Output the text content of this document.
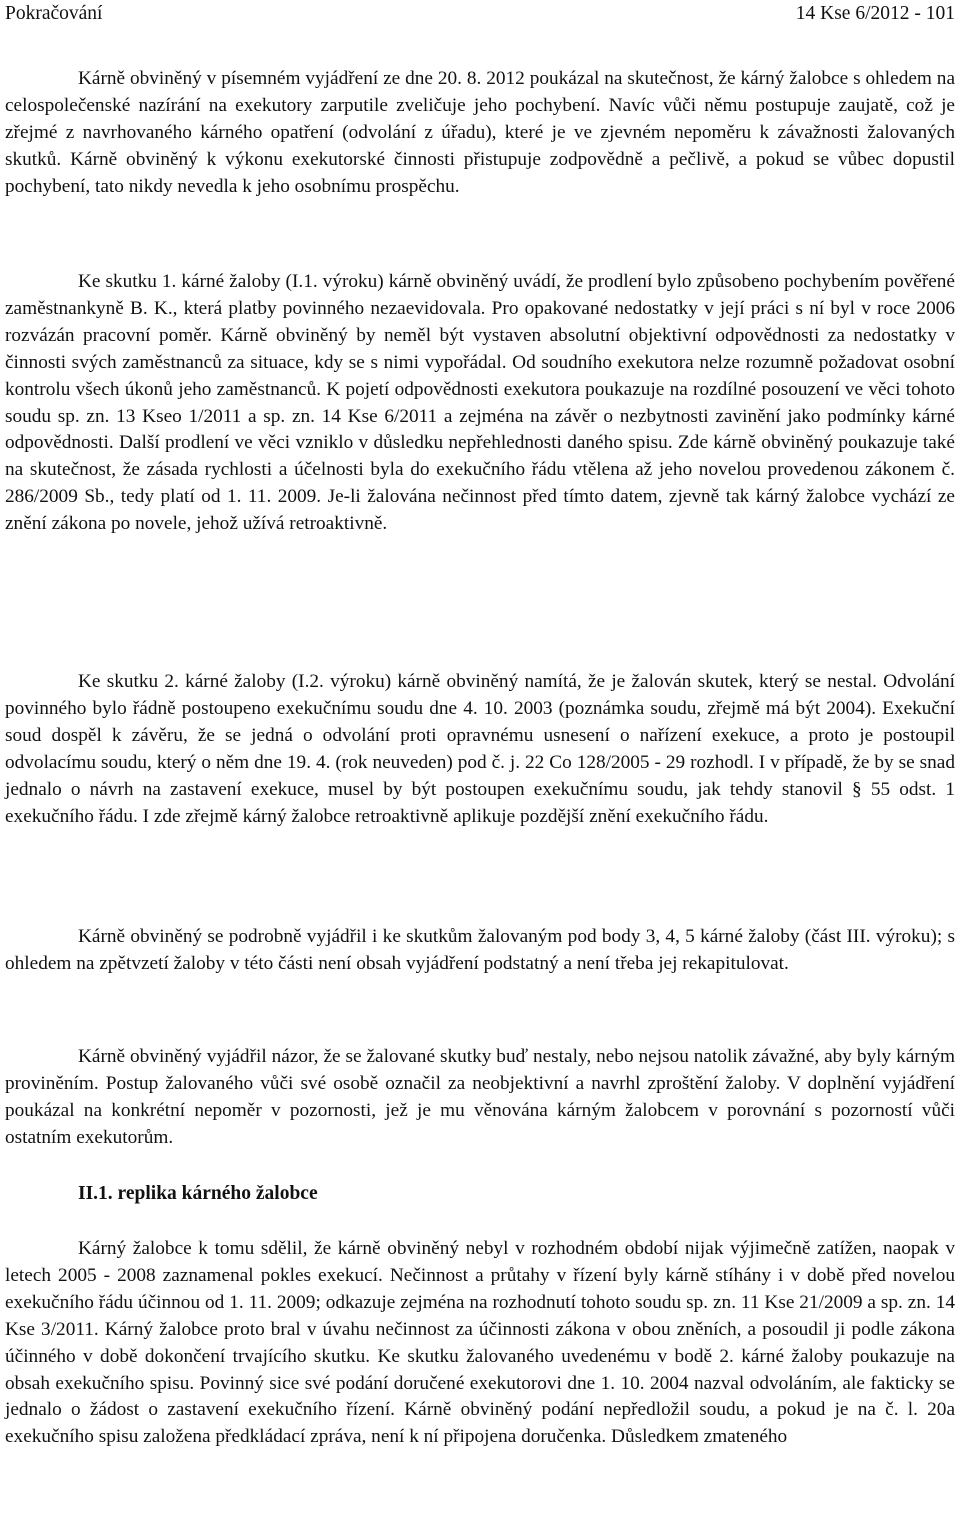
Pokračování	14 Kse 6/2012 - 101

Kárně obviněný v písemném vyjádření ze dne 20. 8. 2012 poukázal na skutečnost, že kárný žalobce s ohledem na celospolečenské nazírání na exekutory zarputile zveličuje jeho pochybení. Navíc vůči němu postupuje zaujatě, což je zřejmé z navrhovaného kárného opatření (odvolání z úřadu), které je ve zjevném nepoměru k závažnosti žalovaných skutků. Kárně obviněný k výkonu exekutorské činnosti přistupuje zodpovědně a pečlivě, a pokud se vůbec dopustil pochybení, tato nikdy nevedla k jeho osobnímu prospěchu.

Ke skutku 1. kárné žaloby (I.1. výroku) kárně obviněný uvádí, že prodlení bylo způsobeno pochybením pověřené zaměstnankyně B. K., která platby povinného nezaevidovala. Pro opakované nedostatky v její práci s ní byl v roce 2006 rozvázán pracovní poměr. Kárně obviněný by neměl být vystaven absolutní objektivní odpovědnosti za nedostatky v činnosti svých zaměstnanců za situace, kdy se s nimi vypořádal. Od soudního exekutora nelze rozumně požadovat osobní kontrolu všech úkonů jeho zaměstnanců. K pojetí odpovědnosti exekutora poukazuje na rozdílné posouzení ve věci tohoto soudu sp. zn. 13 Kseo 1/2011 a sp. zn. 14 Kse 6/2011 a zejména na závěr o nezbytnosti zavinění jako podmínky kárné odpovědnosti. Další prodlení ve věci vzniklo v důsledku nepřehlednosti daného spisu. Zde kárně obviněný poukazuje také na skutečnost, že zásada rychlosti a účelnosti byla do exekučního řádu vtělena až jeho novelou provedenou zákonem č. 286/2009 Sb., tedy platí od 1. 11. 2009. Je-li žalována nečinnost před tímto datem, zjevně tak kárný žalobce vychází ze znění zákona po novele, jehož užívá retroaktivně.

Ke skutku 2. kárné žaloby (I.2. výroku) kárně obviněný namítá, že je žalován skutek, který se nestal. Odvolání povinného bylo řádně postoupeno exekučnímu soudu dne 4. 10. 2003 (poznámka soudu, zřejmě má být 2004). Exekuční soud dospěl k závěru, že se jedná o odvolání proti opravnému usnesení o nařízení exekuce, a proto je postoupil odvolacímu soudu, který o něm dne 19. 4. (rok neuveden) pod č. j. 22 Co 128/2005 - 29 rozhodl. I v případě, že by se snad jednalo o návrh na zastavení exekuce, musel by být postoupen exekučnímu soudu, jak tehdy stanovil § 55 odst. 1 exekučního řádu. I zde zřejmě kárný žalobce retroaktivně aplikuje pozdější znění exekučního řádu.

Kárně obviněný se podrobně vyjádřil i ke skutkům žalovaným pod body 3, 4, 5 kárné žaloby (část III. výroku); s ohledem na zpětvzetí žaloby v této části není obsah vyjádření podstatný a není třeba jej rekapitulovat.

Kárně obviněný vyjádřil názor, že se žalované skutky buď nestaly, nebo nejsou natolik závažné, aby byly kárným proviněním. Postup žalovaného vůči své osobě označil za neobjektivní a navrhl zproštění žaloby. V doplnění vyjádření poukázal na konkrétní nepoměr v pozornosti, jež je mu věnována kárným žalobcem v porovnání s pozorností vůči ostatním exekutorům.

II.1. replika kárného žalobce

Kárný žalobce k tomu sdělil, že kárně obviněný nebyl v rozhodném období nijak výjimečně zatížen, naopak v letech 2005 - 2008 zaznamenal pokles exekucí. Nečinnost a průtahy v řízení byly kárně stíhány i v době před novelou exekučního řádu účinnou od 1. 11. 2009; odkazuje zejména na rozhodnutí tohoto soudu sp. zn. 11 Kse 21/2009 a sp. zn. 14 Kse 3/2011. Kárný žalobce proto bral v úvahu nečinnost za účinnosti zákona v obou zněních, a posoudil ji podle zákona účinného v době dokončení trvajícího skutku. Ke skutku žalovaného uvedenému v bodě 2. kárné žaloby poukazuje na obsah exekučního spisu. Povinný sice své podání doručené exekutorovi dne 1. 10. 2004 nazval odvoláním, ale fakticky se jednalo o žádost o zastavení exekučního řízení. Kárně obviněný podání nepředložil soudu, a pokud je na č. l. 20a exekučního spisu založena předkládací zpráva, není k ní připojena doručenka. Důsledkem zmateného
